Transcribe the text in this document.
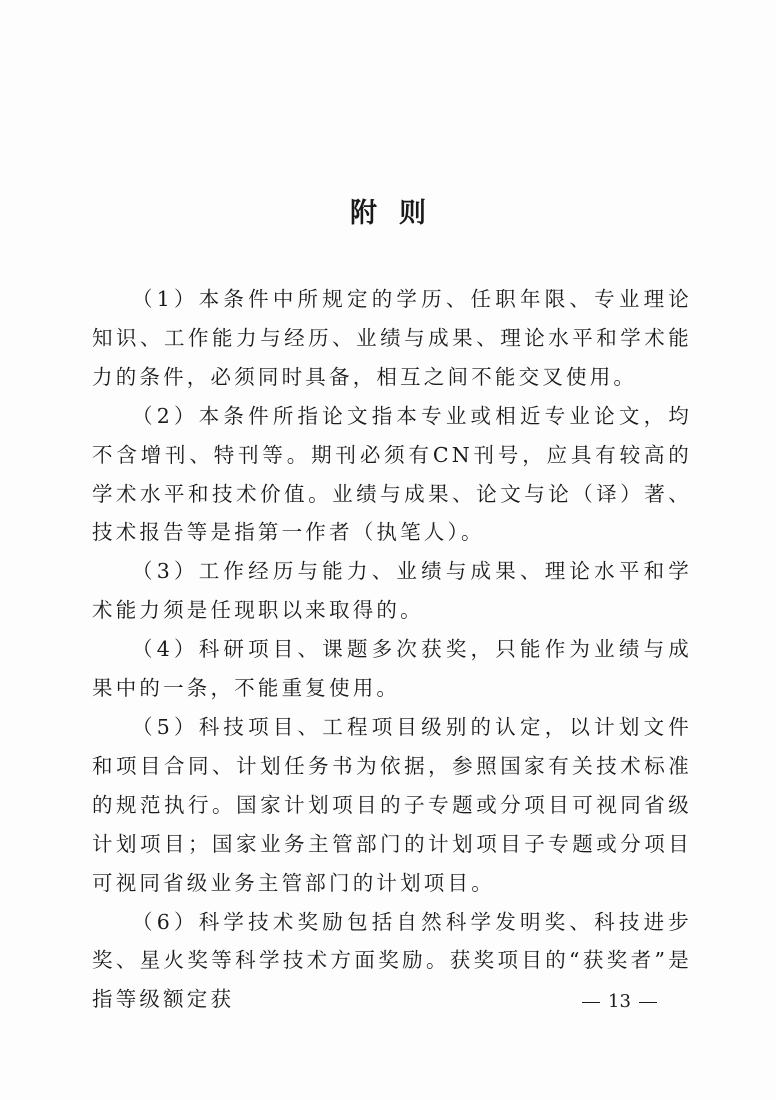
附 则

（1）本条件中所规定的学历、任职年限、专业理论知识、工作能力与经历、业绩与成果、理论水平和学术能力的条件，必须同时具备，相互之间不能交叉使用。

（2）本条件所指论文指本专业或相近专业论文，均不含增刊、特刊等。期刊必须有CN刊号，应具有较高的学术水平和技术价值。业绩与成果、论文与论（译）著、技术报告等是指第一作者（执笔人）。

（3）工作经历与能力、业绩与成果、理论水平和学术能力须是任现职以来取得的。

（4）科研项目、课题多次获奖，只能作为业绩与成果中的一条，不能重复使用。

（5）科技项目、工程项目级别的认定，以计划文件和项目合同、计划任务书为依据，参照国家有关技术标准的规范执行。国家计划项目的子专题或分项目可视同省级计划项目；国家业务主管部门的计划项目子专题或分项目可视同省级业务主管部门的计划项目。

（6）科学技术奖励包括自然科学发明奖、科技进步奖、星火奖等科学技术方面奖励。获奖项目的“获奖者”是指等级额定获	13
